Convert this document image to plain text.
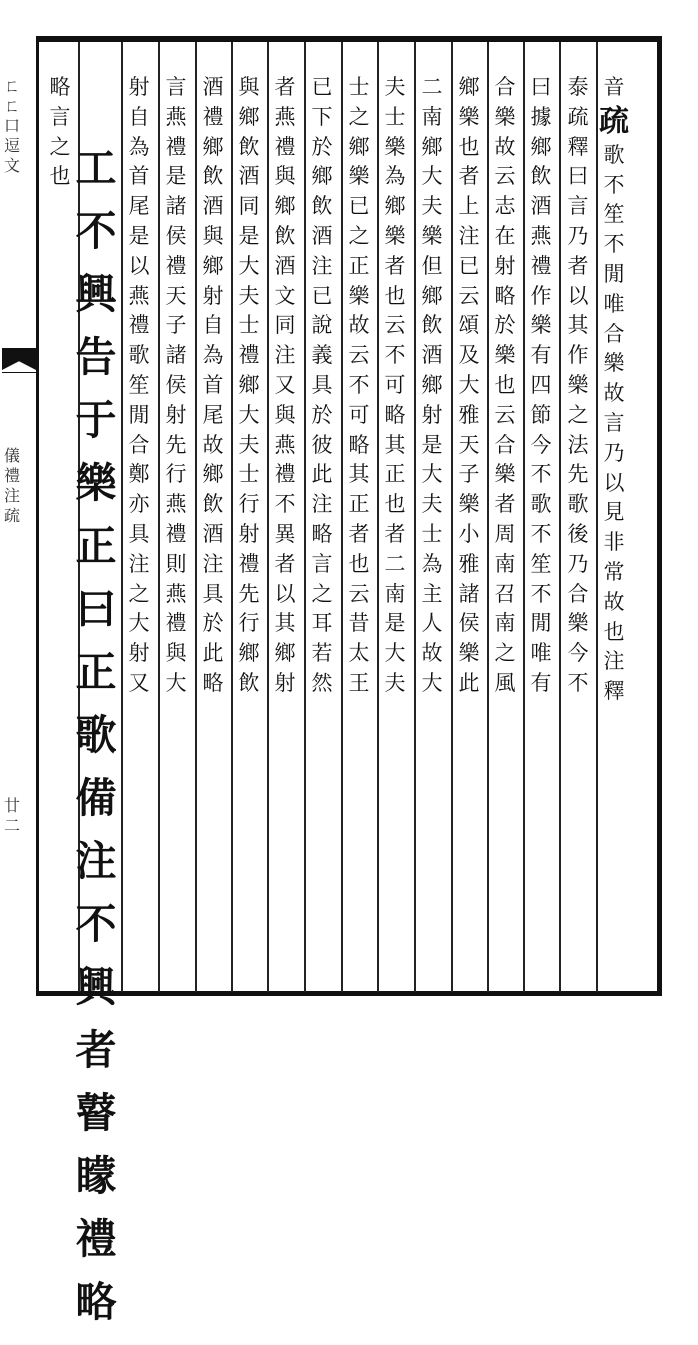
ㄈ
ㄈ
口
逗
文
儀
禮
注
疏
廿
二
音
疏
歌
不
笙
不
閒
唯
合
樂
故
言
乃
以
見
非
常
故
也
注
釋
泰
疏
釋
曰
言
乃
者
以
其
作
樂
之
法
先
歌
後
乃
合
樂
今
不
曰
據
鄉
飲
酒
燕
禮
作
樂
有
四
節
今
不
歌
不
笙
不
閒
唯
有
合
樂
故
云
志
在
射
略
於
樂
也
云
合
樂
者
周
南
召
南
之
風
鄉
樂
也
者
上
注
已
云
頌
及
大
雅
天
子
樂
小
雅
諸
侯
樂
此
二
南
鄉
大
夫
樂
但
鄉
飲
酒
鄉
射
是
大
夫
士
為
主
人
故
大
夫
士
樂
為
鄉
樂
者
也
云
不
可
略
其
正
也
者
二
南
是
大
夫
士
之
鄉
樂
已
之
正
樂
故
云
不
可
略
其
正
者
也
云
昔
太
王
已
下
於
鄉
飲
酒
注
已
說
義
具
於
彼
此
注
略
言
之
耳
若
然
者
燕
禮
與
鄉
飲
酒
文
同
注
又
與
燕
禮
不
異
者
以
其
鄉
射
與
鄉
飲
酒
同
是
大
夫
士
禮
鄉
大
夫
士
行
射
禮
先
行
鄉
飲
酒
禮
鄉
飲
酒
與
鄉
射
自
為
首
尾
故
鄉
飲
酒
注
具
於
此
略
言
燕
禮
是
諸
侯
禮
天
子
諸
侯
射
先
行
燕
禮
則
燕
禮
與
大
射
自
為
首
尾
是
以
燕
禮
歌
笙
閒
合
鄭
亦
具
注
之
大
射
又
工
不
興
告
于
樂
正
曰
正
歌
備
注
不
興
者
瞽
矇
禮
略
略
言
之
也
